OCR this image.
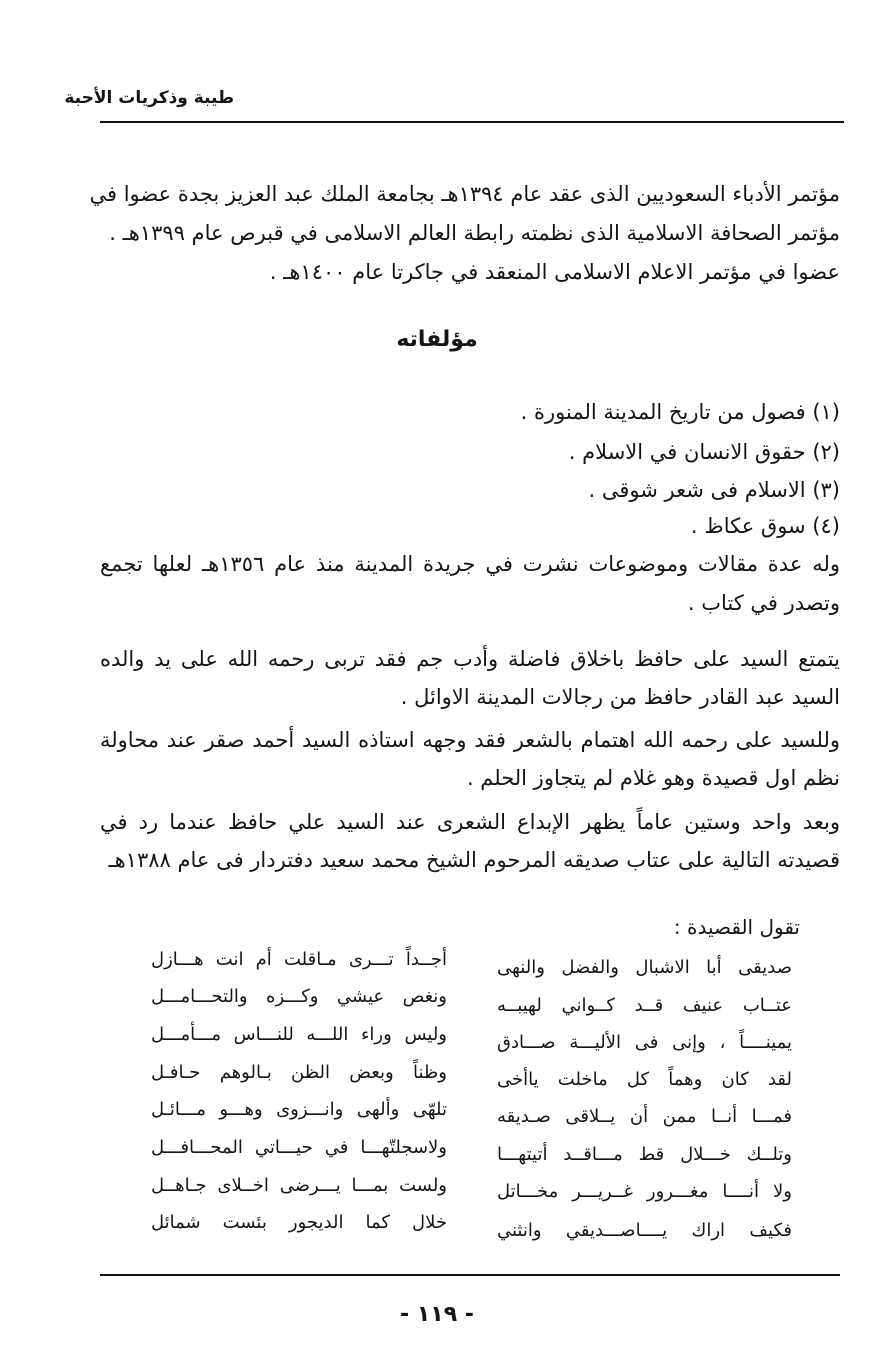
طيبة وذكريات الأحبة
مؤتمر الأدباء السعوديين الذى عقد عام ١٣٩٤هـ بجامعة الملك عبد العزيز بجدة عضوا في
مؤتمر الصحافة الاسلامية الذى نظمته رابطة العالم الاسلامى في قبرص عام ١٣٩٩هـ .
عضوا في مؤتمر الاعلام الاسلامى المنعقد في جاكرتا عام ١٤٠٠هـ .
مؤلفاته
(١) فصول من تاريخ المدينة المنورة .
(٢) حقوق الانسان في الاسلام .
(٣) الاسلام فى شعر شوقى .
(٤) سوق عكاظ .
وله عدة مقالات وموضوعات نشرت في جريدة المدينة منذ عام ١٣٥٦هـ لعلها تجمع
وتصدر في كتاب .
يتمتع السيد على حافظ باخلاق فاضلة وأدب جم فقد تربى رحمه الله على يد والده
السيد عبد القادر حافظ من رجالات المدينة الاوائل .
وللسيد على رحمه الله اهتمام بالشعر فقد وجهه استاذه السيد أحمد صقر عند محاولة
نظم اول قصيدة وهو غلام لم يتجاوز الحلم .
وبعد واحد وستين عاماً يظهر الإبداع الشعرى عند السيد علي حافظ عندما رد في
قصيدته التالية على عتاب صديقه المرحوم الشيخ محمد سعيد دفتردار فى عام ١٣٨٨هـ
تقول القصيدة :
صديقى أبا الاشبال والفضل والنهى
عتــاب عنيف قــد كــواني لهيبــه
يمينــــاً ، وإنى فى الأليـــة صـــادق
لقد كان وهماً كل ماخلت ياأخى
فمـــا أنــا ممن أن يــلاقى صـديقه
وتلــك خـــلال قط مـــاقــد أتيتهـــا
ولا أنــــا مغـــرور غــريـــر مخـــاتل
فكيف اراك يــــاصـــديقي وانثني
أجــداً تـــرى مـاقلت أم انت هـــازل
ونغص عيشي وكـــزه والتحـــامـــل
وليس وراء اللـــه للنـــاس مـــأمـــل
وظناً وبعض الظن بـالوهم حـافـل
تلهّى وألهى وانـــزوى وهـــو مـــائـل
ولاسجلتّهـــا في حيـــاتي المحـــافـــل
ولست بمـــا يـــرضى اخــلاى جـاهــل
خلال كما الديجور بئست شمائل
- ١١٩ -
